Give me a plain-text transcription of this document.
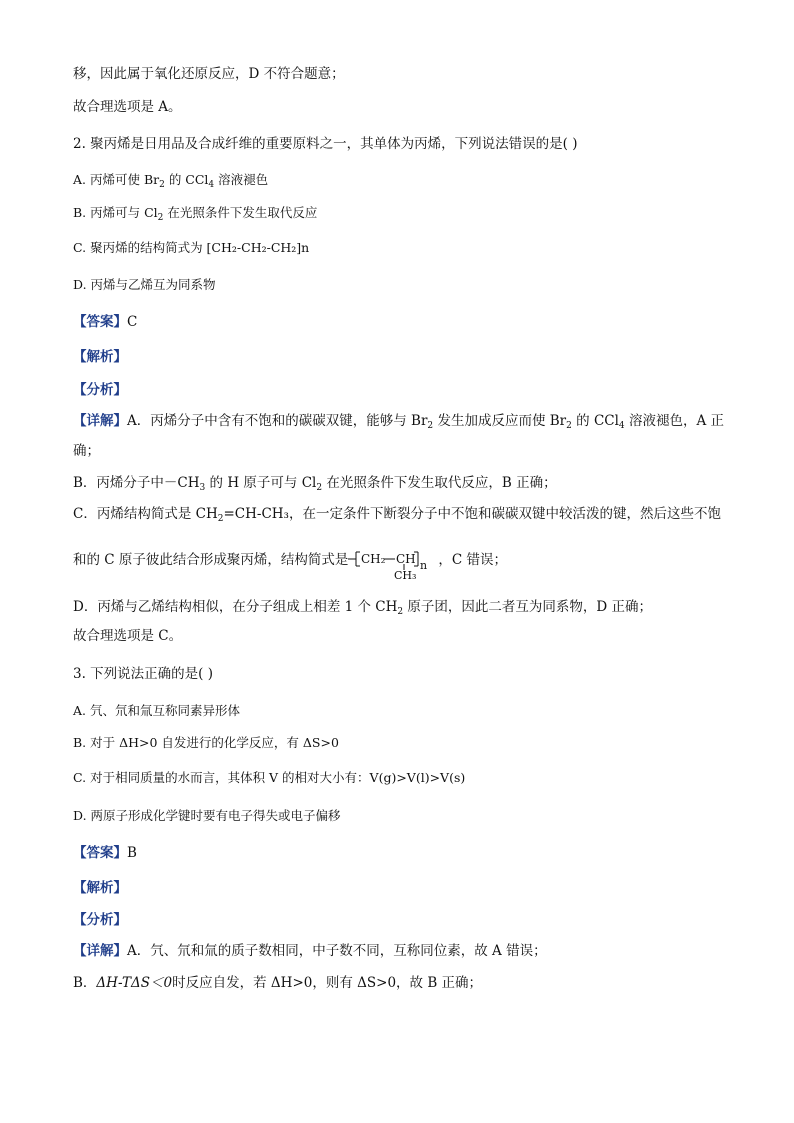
移，因此属于氧化还原反应，D 不符合题意；
故合理选项是 A。
2. 聚丙烯是日用品及合成纤维的重要原料之一，其单体为丙烯，下列说法错误的是( )
A. 丙烯可使 $Br_2$ 的 CCl$_4$ 溶液褪色
B. 丙烯可与 $Cl_2$ 在光照条件下发生取代反应
C. 聚丙烯的结构简式为 [CH₂-CH₂-CH₂]n
D. 丙烯与乙烯互为同系物
【答案】C
【解析】
【分析】
【详解】A．丙烯分子中含有不饱和的碳碳双键，能够与 $Br_2$ 发生加成反应而使 $Br_2$ 的 CCl$_4$ 溶液褪色，A 正
确；
B．丙烯分子中$-CH_3$ 的 H 原子可与 $Cl_2$ 在光照条件下发生取代反应，B 正确；
C．丙烯结构简式是 $CH_2=CH$-CH₃，在一定条件下断裂分子中不饱和碳碳双键中较活泼的键，然后这些不饱
和的 C 原子彼此结合形成聚丙烯，结构简式是 CH₂ CH n
CH₃
，C 错误；
D．丙烯与乙烯结构相似，在分子组成上相差 1 个 $CH_2$ 原子团，因此二者互为同系物，D 正确；
故合理选项是 C。
3. 下列说法正确的是( )
A. 氕、氘和氚互称同素异形体
B. 对于 ΔH>0 自发进行的化学反应，有 ΔS>0
C. 对于相同质量的水而言，其体积 V 的相对大小有：V(g)>V(l)>V(s)
D. 两原子形成化学键时要有电子得失或电子偏移
【答案】B
【解析】
【分析】
【详解】A．氕、氘和氚的质子数相同，中子数不同，互称同位素，故 A 错误；
B．ΔH-TΔS＜0时反应自发，若 ΔH>0，则有 ΔS>0，故 B 正确；
